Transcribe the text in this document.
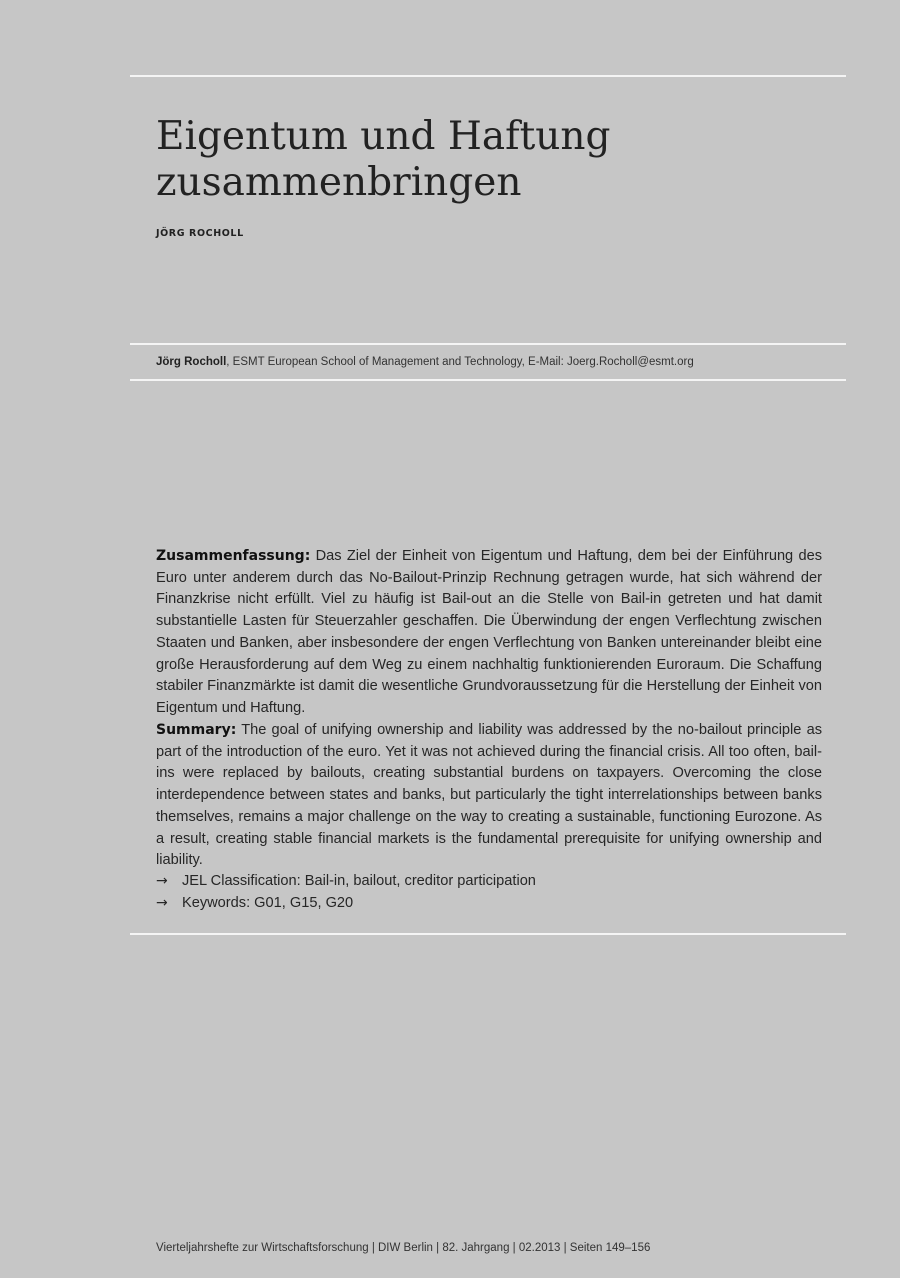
Eigentum und Haftung
zusammenbringen
JÖRG ROCHOLL
Jörg Rocholl, ESMT European School of Management and Technology, E-Mail: Joerg.Rocholl@esmt.org

Zusammenfassung: Das Ziel der Einheit von Eigentum und Haftung, dem bei der Einführung des Euro unter anderem durch das No-Bailout-Prinzip Rechnung getragen wurde, hat sich während der Finanzkrise nicht erfüllt. Viel zu häufig ist Bail-out an die Stelle von Bail-in getreten und hat damit substantielle Lasten für Steuerzahler geschaffen. Die Überwindung der engen Verflechtung zwischen Staaten und Banken, aber insbesondere der engen Verflechtung von Banken untereinander bleibt eine große Herausforderung auf dem Weg zu einem nachhaltig funktionierenden Euroraum. Die Schaffung stabiler Finanzmärkte ist damit die wesentliche Grundvoraussetzung für die Herstellung der Einheit von Eigentum und Haftung.

Summary: The goal of unifying ownership and liability was addressed by the no-bailout principle as part of the introduction of the euro. Yet it was not achieved during the financial crisis. All too often, bail-ins were replaced by bailouts, creating substantial burdens on taxpayers. Overcoming the close interdependence between states and banks, but particularly the tight interrelationships between banks themselves, remains a major challenge on the way to creating a sustainable, functioning Eurozone. As a result, creating stable financial markets is the fundamental prerequisite for unifying ownership and liability.

→ JEL Classification: Bail-in, bailout, creditor participation
→ Keywords: G01, G15, G20
Vierteljahrshefte zur Wirtschaftsforschung | DIW Berlin | 82. Jahrgang | 02.2013 | Seiten 149–156
